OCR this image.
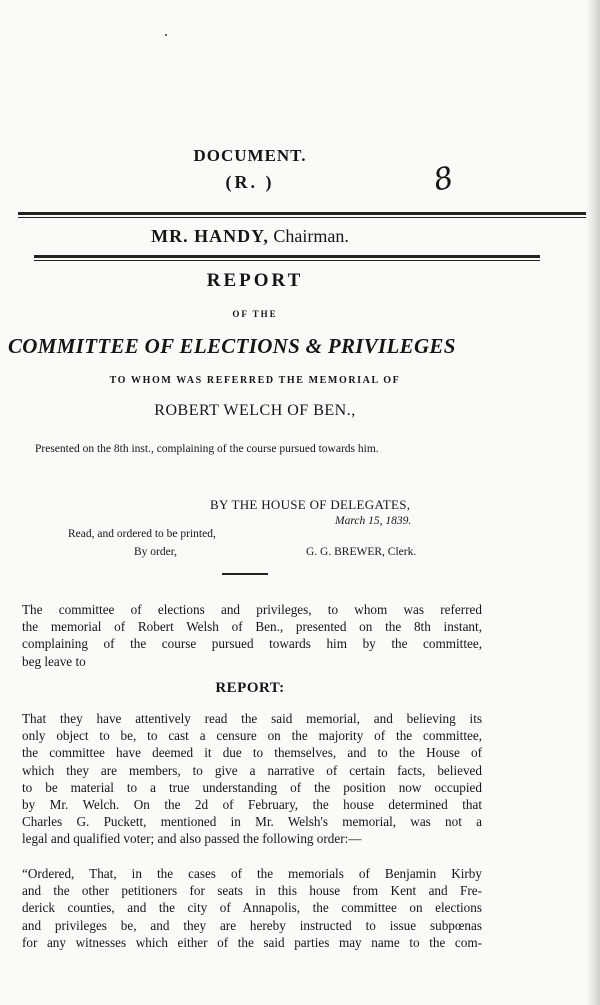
DOCUMENT.
(R. )	8
MR. HANDY, Chairman.
REPORT
OF THE
COMMITTEE OF ELECTIONS & PRIVILEGES
TO WHOM WAS REFERRED THE MEMORIAL OF
ROBERT WELCH OF BEN.,
Presented on the 8th inst., complaining of the course pursued towards him.
BY THE HOUSE OF DELEGATES,
March 15, 1839.
Read, and ordered to be printed,
By order,	G. G. BREWER, Clerk.
The committee of elections and privileges, to whom was referred
the memorial of Robert Welsh of Ben., presented on the 8th instant,
complaining of the course pursued towards him by the committee,
beg leave to
REPORT:
That they have attentively read the said memorial, and believing its
only object to be, to cast a censure on the majority of the committee,
the committee have deemed it due to themselves, and to the House of
which they are members, to give a narrative of certain facts, believed
to be material to a true understanding of the position now occupied
by Mr. Welch. On the 2d of February, the house determined that
Charles G. Puckett, mentioned in Mr. Welsh's memorial, was not a
legal and qualified voter; and also passed the following order:—
“Ordered, That, in the cases of the memorials of Benjamin Kirby
and the other petitioners for seats in this house from Kent and Fre-
derick counties, and the city of Annapolis, the committee on elections
and privileges be, and they are hereby instructed to issue subpœnas
for any witnesses which either of the said parties may name to the com-
